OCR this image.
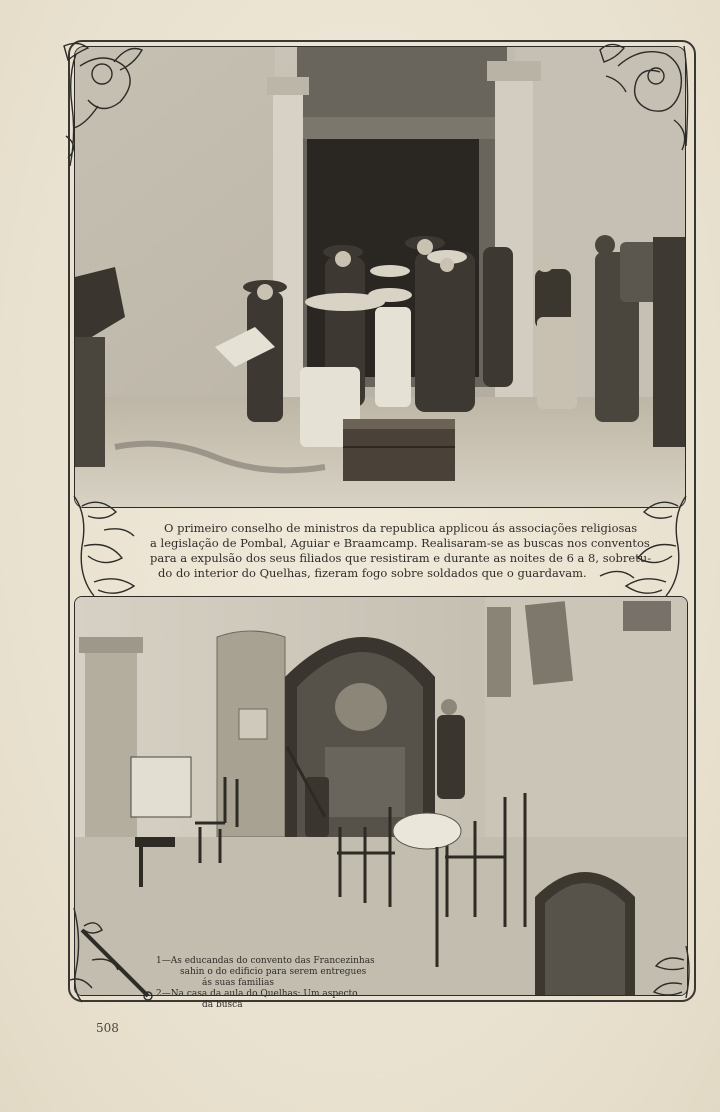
O primeiro conselho de ministros da republica applicou ás associações religiosas
a legislação de Pombal, Aguiar e Braamcamp. Realisaram-se as buscas nos conventos
para a expulsão dos seus filiados que resistiram e durante as noites de 6 a 8, sobretu-
do do interior do Quelhas, fizeram fogo sobre soldados que o guardavam.
1—As educandas do convento das Francezinhas
sahin o do edificio para serem entregues
ás suas familias
2—Na casa da aula do Quelhas: Um aspecto
da busca
508
